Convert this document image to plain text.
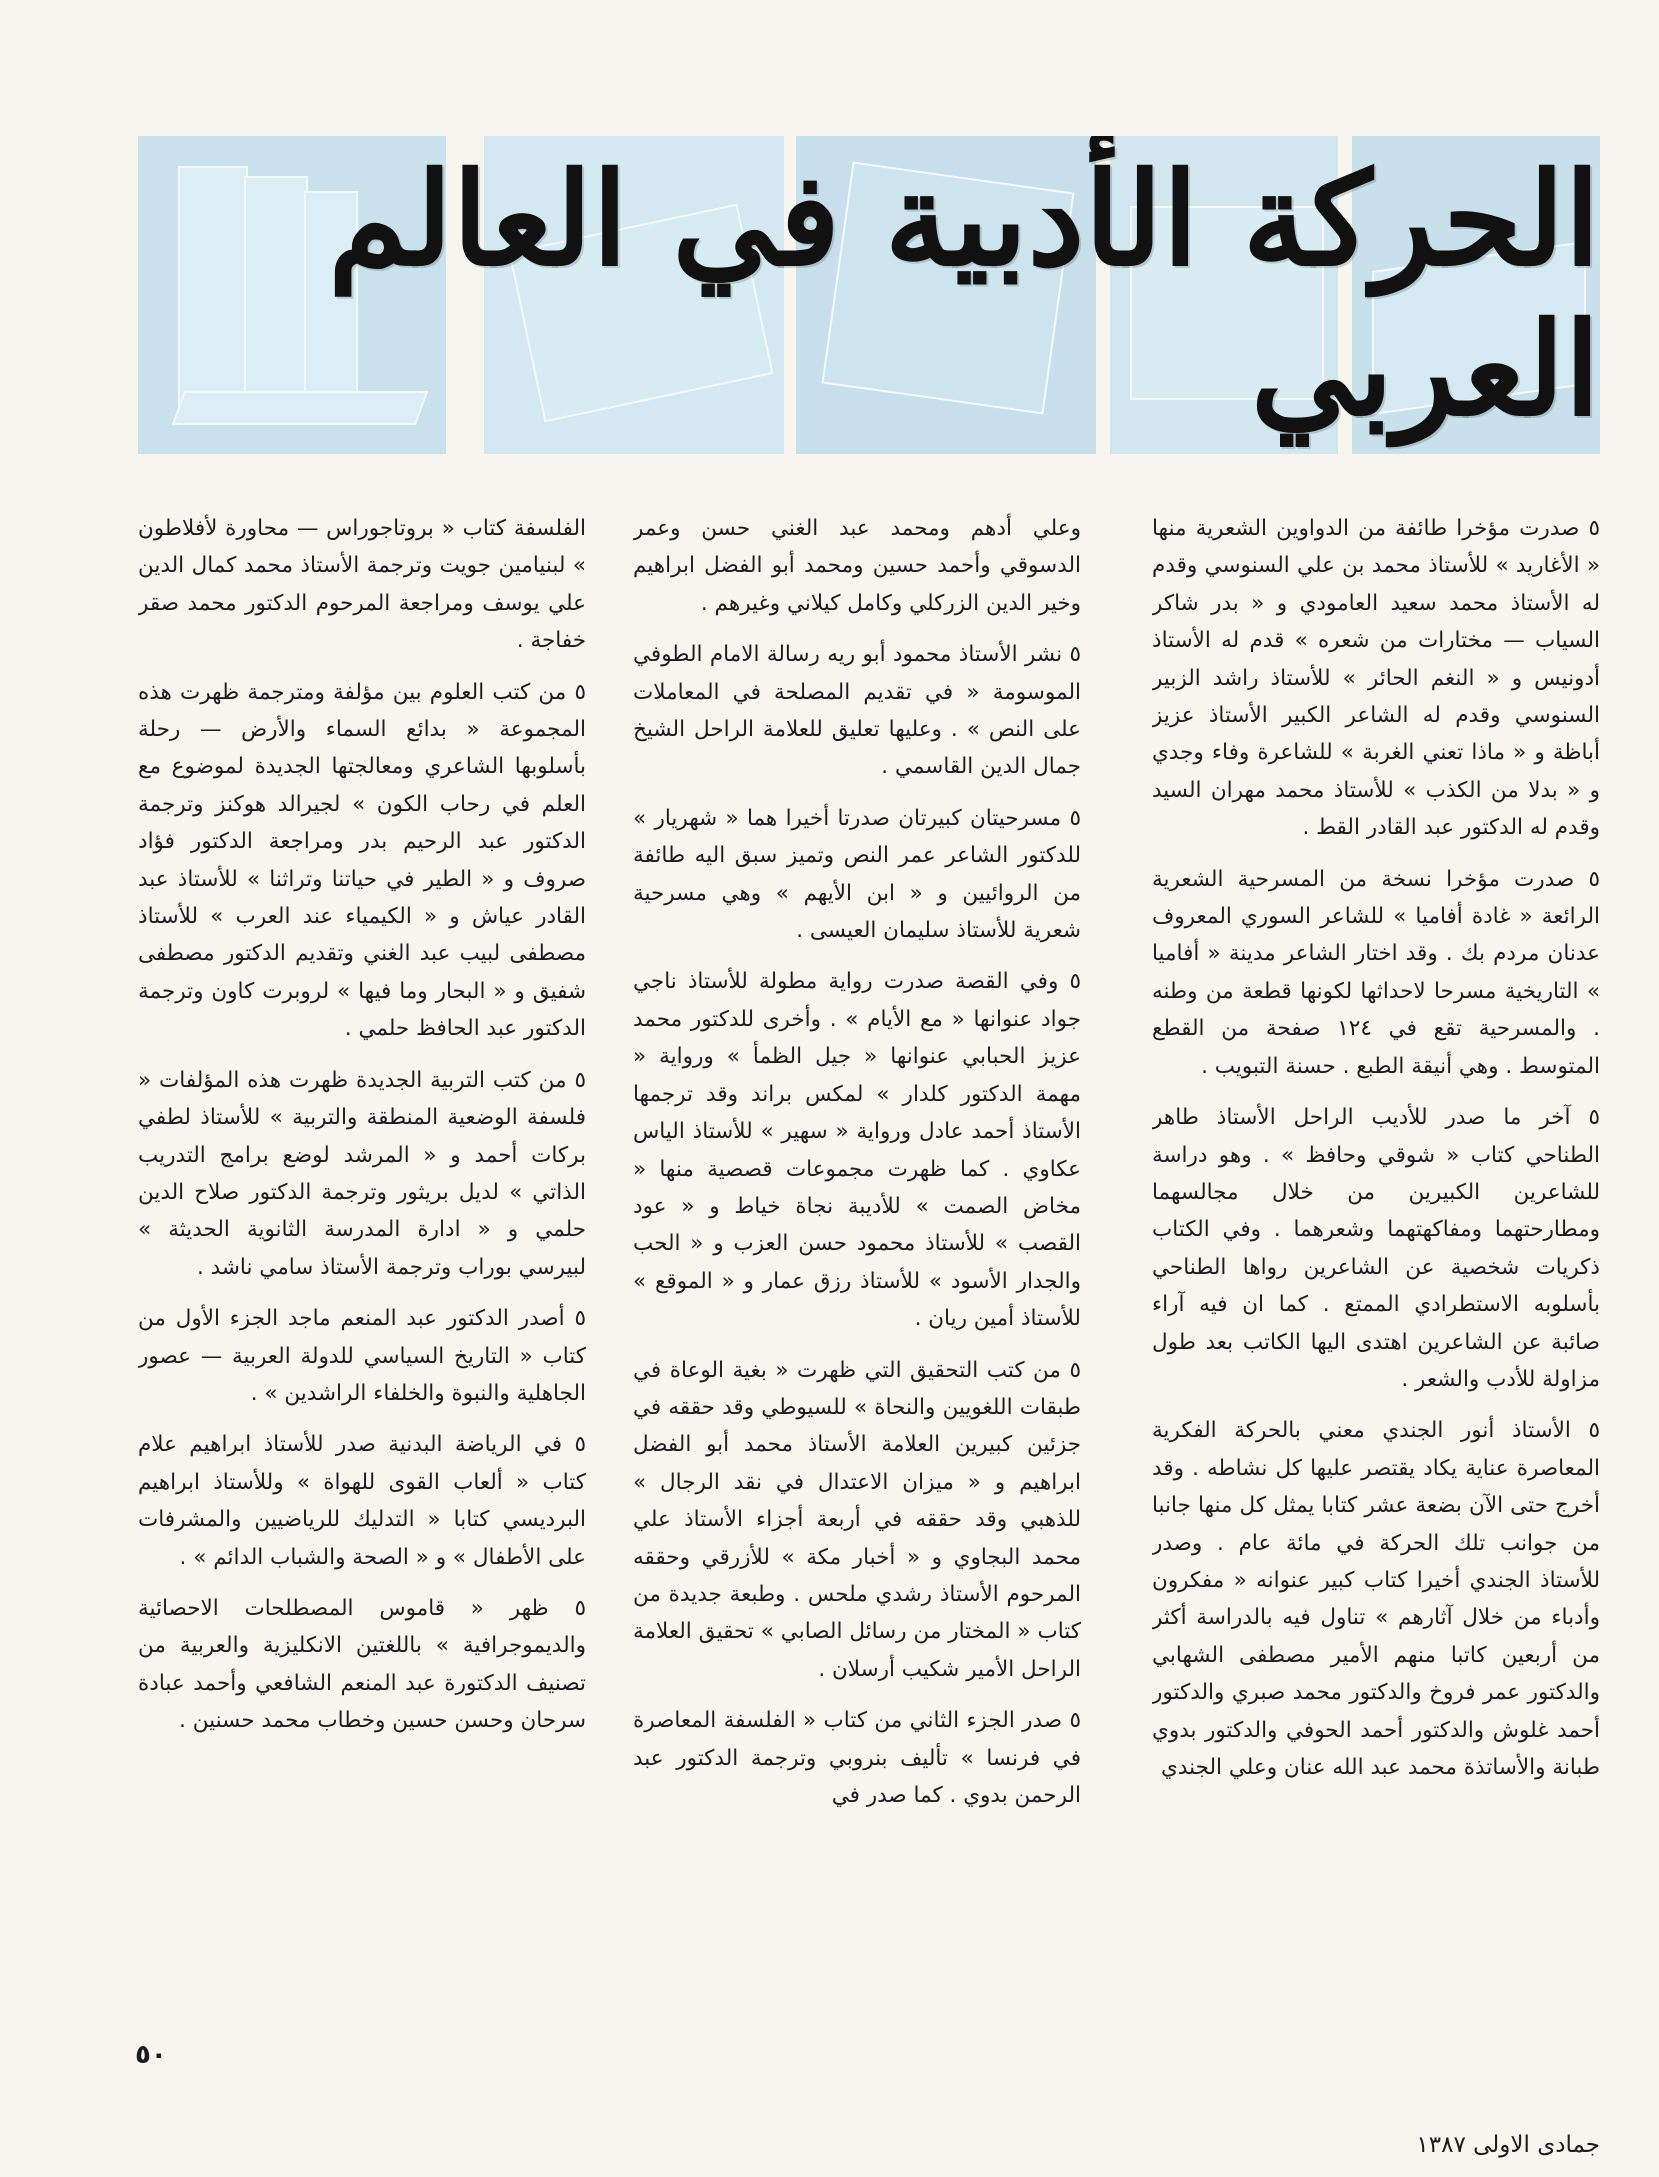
الحركة الأدبية في العالم العربي

٥ صدرت مؤخرا طائفة من الدواوين الشعرية منها « الأغاريد » للأستاذ محمد بن علي السنوسي وقدم له الأستاذ محمد سعيد العامودي و « بدر شاكر السياب — مختارات من شعره » قدم له الأستاذ أدونيس و « النغم الحائر » للأستاذ راشد الزبير السنوسي وقدم له الشاعر الكبير الأستاذ عزيز أباظة و « ماذا تعني الغربة » للشاعرة وفاء وجدي و « بدلا من الكذب » للأستاذ محمد مهران السيد وقدم له الدكتور عبد القادر القط .

٥ صدرت مؤخرا نسخة من المسرحية الشعرية الرائعة « غادة أفاميا » للشاعر السوري المعروف عدنان مردم بك . وقد اختار الشاعر مدينة « أفاميا » التاريخية مسرحا لاحداثها لكونها قطعة من وطنه . والمسرحية تقع في ١٢٤ صفحة من القطع المتوسط . وهي أنيقة الطبع . حسنة التبويب .

٥ آخر ما صدر للأديب الراحل الأستاذ طاهر الطناحي كتاب « شوقي وحافظ » . وهو دراسة للشاعرين الكبيرين من خلال مجالسهما ومطارحتهما ومفاكهتهما وشعرهما . وفي الكتاب ذكريات شخصية عن الشاعرين رواها الطناحي بأسلوبه الاستطرادي الممتع . كما ان فيه آراء صائبة عن الشاعرين اهتدى اليها الكاتب بعد طول مزاولة للأدب والشعر .

٥ الأستاذ أنور الجندي معني بالحركة الفكرية المعاصرة عناية يكاد يقتصر عليها كل نشاطه . وقد أخرج حتى الآن بضعة عشر كتابا يمثل كل منها جانبا من جوانب تلك الحركة في مائة عام . وصدر للأستاذ الجندي أخيرا كتاب كبير عنوانه « مفكرون وأدباء من خلال آثارهم » تناول فيه بالدراسة أكثر من أربعين كاتبا منهم الأمير مصطفى الشهابي والدكتور عمر فروخ والدكتور محمد صبري والدكتور أحمد غلوش والدكتور أحمد الحوفي والدكتور بدوي طبانة والأساتذة محمد عبد الله عنان وعلي الجندي

وعلي أدهم ومحمد عبد الغني حسن وعمر الدسوقي وأحمد حسين ومحمد أبو الفضل ابراهيم وخير الدين الزركلي وكامل كيلاني وغيرهم .

٥ نشر الأستاذ محمود أبو ريه رسالة الامام الطوفي الموسومة « في تقديم المصلحة في المعاملات على النص » . وعليها تعليق للعلامة الراحل الشيخ جمال الدين القاسمي .

٥ مسرحيتان كبيرتان صدرتا أخيرا هما « شهريار » للدكتور الشاعر عمر النص وتميز سبق اليه طائفة من الروائيين و « ابن الأيهم » وهي مسرحية شعرية للأستاذ سليمان العيسى .

٥ وفي القصة صدرت رواية مطولة للأستاذ ناجي جواد عنوانها « مع الأيام » . وأخرى للدكتور محمد عزيز الحبابي عنوانها « جيل الظمأ » ورواية « مهمة الدكتور كلدار » لمكس براند وقد ترجمها الأستاذ أحمد عادل ورواية « سهير » للأستاذ الياس عكاوي . كما ظهرت مجموعات قصصية منها « مخاض الصمت » للأديبة نجاة خياط و « عود القصب » للأستاذ محمود حسن العزب و « الحب والجدار الأسود » للأستاذ رزق عمار و « الموقع » للأستاذ أمين ريان .

٥ من كتب التحقيق التي ظهرت « بغية الوعاة في طبقات اللغويين والنحاة » للسيوطي وقد حققه في جزئين كبيرين العلامة الأستاذ محمد أبو الفضل ابراهيم و « ميزان الاعتدال في نقد الرجال » للذهبي وقد حققه في أربعة أجزاء الأستاذ علي محمد البجاوي و « أخبار مكة » للأزرقي وحققه المرحوم الأستاذ رشدي ملحس . وطبعة جديدة من كتاب « المختار من رسائل الصابي » تحقيق العلامة الراحل الأمير شكيب أرسلان .

٥ صدر الجزء الثاني من كتاب « الفلسفة المعاصرة في فرنسا » تأليف بنروبي وترجمة الدكتور عبد الرحمن بدوي . كما صدر في

الفلسفة كتاب « بروتاجوراس — محاورة لأفلاطون » لبنيامين جويت وترجمة الأستاذ محمد كمال الدين علي يوسف ومراجعة المرحوم الدكتور محمد صقر خفاجة .

٥ من كتب العلوم بين مؤلفة ومترجمة ظهرت هذه المجموعة « بدائع السماء والأرض — رحلة بأسلوبها الشاعري ومعالجتها الجديدة لموضوع مع العلم في رحاب الكون » لجيرالد هوكنز وترجمة الدكتور عبد الرحيم بدر ومراجعة الدكتور فؤاد صروف و « الطير في حياتنا وتراثنا » للأستاذ عبد القادر عياش و « الكيمياء عند العرب » للأستاذ مصطفى لبيب عبد الغني وتقديم الدكتور مصطفى شفيق و « البحار وما فيها » لروبرت كاون وترجمة الدكتور عبد الحافظ حلمي .

٥ من كتب التربية الجديدة ظهرت هذه المؤلفات « فلسفة الوضعية المنطقة والتربية » للأستاذ لطفي بركات أحمد و « المرشد لوضع برامج التدريب الذاتي » لديل بريثور وترجمة الدكتور صلاح الدين حلمي و « ادارة المدرسة الثانوية الحديثة » لبيرسي بوراب وترجمة الأستاذ سامي ناشد .

٥ أصدر الدكتور عبد المنعم ماجد الجزء الأول من كتاب « التاريخ السياسي للدولة العربية — عصور الجاهلية والنبوة والخلفاء الراشدين » .

٥ في الرياضة البدنية صدر للأستاذ ابراهيم علام كتاب « ألعاب القوى للهواة » وللأستاذ ابراهيم البرديسي كتابا « التدليك للرياضيين والمشرفات على الأطفال » و « الصحة والشباب الدائم » .

٥ ظهر « قاموس المصطلحات الاحصائية والديموجرافية » باللغتين الانكليزية والعربية من تصنيف الدكتورة عبد المنعم الشافعي وأحمد عبادة سرحان وحسن حسين وخطاب محمد حسنين .

٥٠
جمادى الاولى ١٣٨٧
